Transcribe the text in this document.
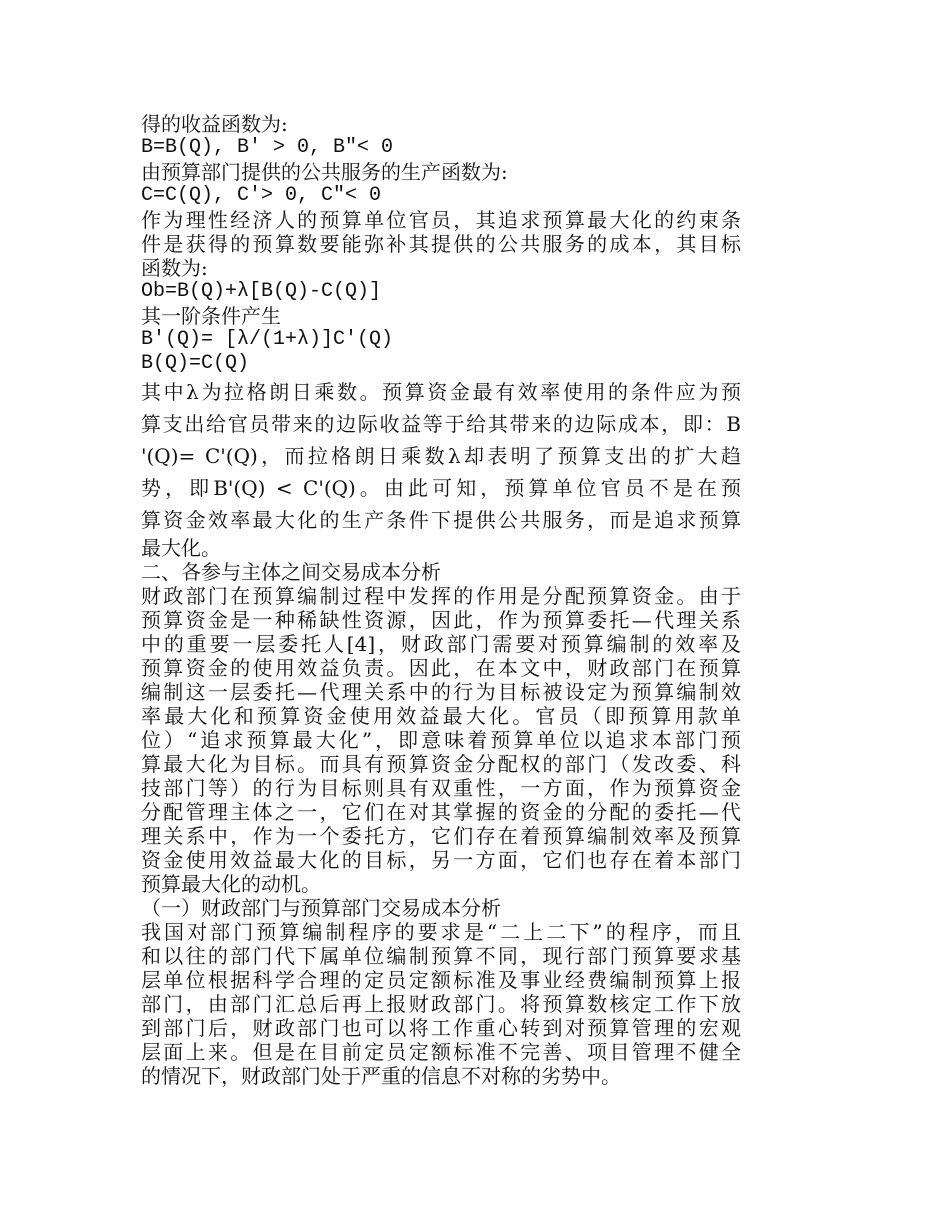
得的收益函数为:
B=B(Q), B' > 0, B"< 0
由预算部门提供的公共服务的生产函数为:
C=C(Q), C'> 0, C"< 0
作为理性经济人的预算单位官员，其追求预算最大化的约束条
件是获得的预算数要能弥补其提供的公共服务的成本，其目标
函数为:
Ob=B(Q)+λ[B(Q)-C(Q)]
其一阶条件产生
B'(Q)= [λ/(1+λ)]C'(Q)
B(Q)=C(Q)
其中λ为拉格朗日乘数。预算资金最有效率使用的条件应为预
算支出给官员带来的边际收益等于给其带来的边际成本，即：B
'(Q)= C'(Q)，而拉格朗日乘数λ却表明了预算支出的扩大趋
势，即B'(Q) < C'(Q)。由此可知，预算单位官员不是在预
算资金效率最大化的生产条件下提供公共服务，而是追求预算
最大化。
二、各参与主体之间交易成本分析
财政部门在预算编制过程中发挥的作用是分配预算资金。由于
预算资金是一种稀缺性资源，因此，作为预算委托—代理关系
中的重要一层委托人[4]，财政部门需要对预算编制的效率及
预算资金的使用效益负责。因此，在本文中，财政部门在预算
编制这一层委托—代理关系中的行为目标被设定为预算编制效
率最大化和预算资金使用效益最大化。官员（即预算用款单
位）“追求预算最大化”，即意味着预算单位以追求本部门预
算最大化为目标。而具有预算资金分配权的部门（发改委、科
技部门等）的行为目标则具有双重性，一方面，作为预算资金
分配管理主体之一，它们在对其掌握的资金的分配的委托—代
理关系中，作为一个委托方，它们存在着预算编制效率及预算
资金使用效益最大化的目标，另一方面，它们也存在着本部门
预算最大化的动机。
（一）财政部门与预算部门交易成本分析
我国对部门预算编制程序的要求是“二上二下”的程序，而且
和以往的部门代下属单位编制预算不同，现行部门预算要求基
层单位根据科学合理的定员定额标准及事业经费编制预算上报
部门，由部门汇总后再上报财政部门。将预算数核定工作下放
到部门后，财政部门也可以将工作重心转到对预算管理的宏观
层面上来。但是在目前定员定额标准不完善、项目管理不健全
的情况下，财政部门处于严重的信息不对称的劣势中。
